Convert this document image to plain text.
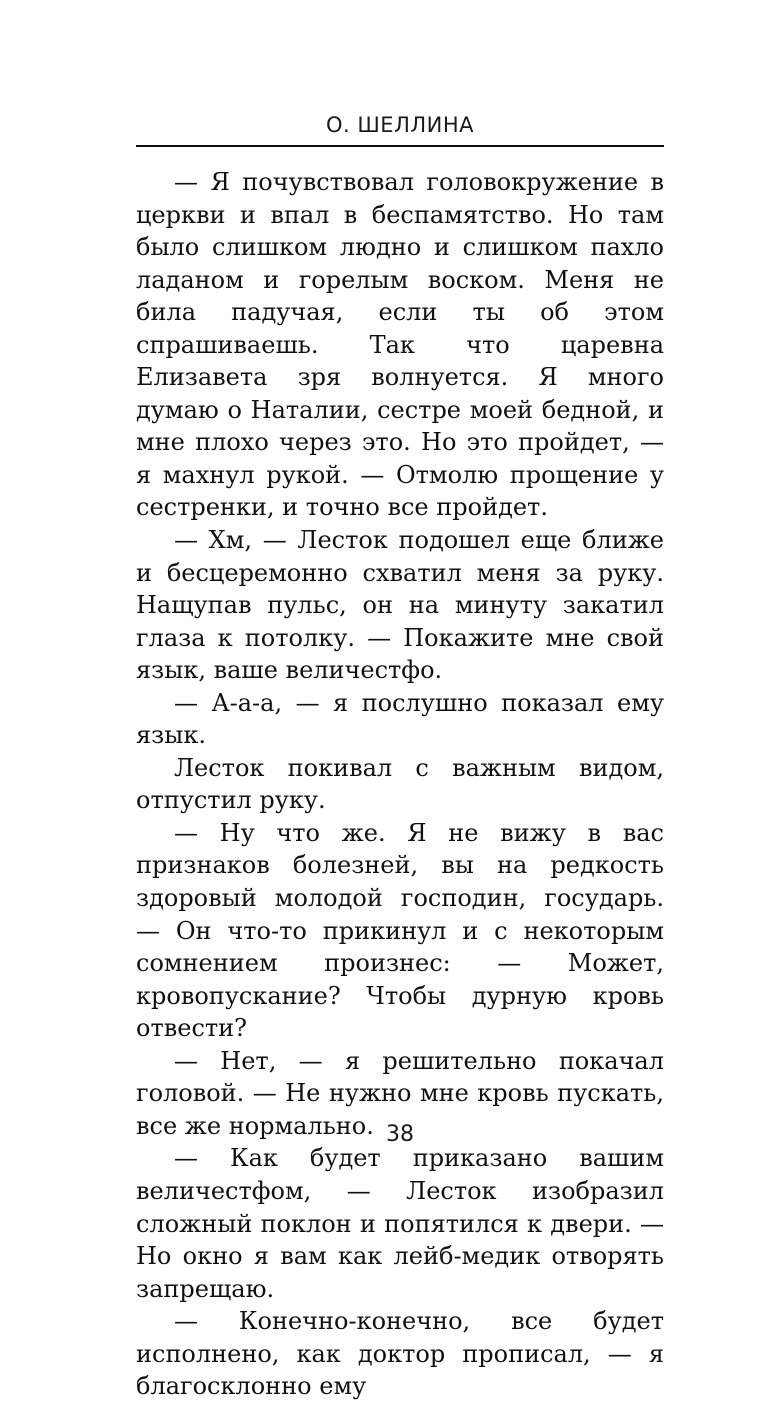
О. ШЕЛЛИНА

— Я почувствовал головокружение в церкви и впал в беспамятство. Но там было слишком людно и слишком пахло ладаном и горелым воском. Меня не била падучая, если ты об этом спрашиваешь. Так что царевна Елизавета зря волнуется. Я много думаю о Наталии, сестре моей бедной, и мне плохо через это. Но это пройдет, — я махнул рукой. — Отмолю прощение у сестренки, и точно все пройдет.

— Хм, — Лесток подошел еще ближе и бесцеремонно схватил меня за руку. Нащупав пульс, он на минуту закатил глаза к потолку. — Покажите мне свой язык, ваше величестфо.

— А-а-а, — я послушно показал ему язык.

Лесток покивал с важным видом, отпустил руку.

— Ну что же. Я не вижу в вас признаков болезней, вы на редкость здоровый молодой господин, государь. — Он что-то прикинул и с некоторым сомнением произнес: — Может, кровопускание? Чтобы дурную кровь отвести?

— Нет, — я решительно покачал головой. — Не нужно мне кровь пускать, все же нормально.

— Как будет приказано вашим величестфом, — Лесток изобразил сложный поклон и попятился к двери. — Но окно я вам как лейб-медик отворять запрещаю.

— Конечно-конечно, все будет исполнено, как доктор прописал, — я благосклонно ему

38
